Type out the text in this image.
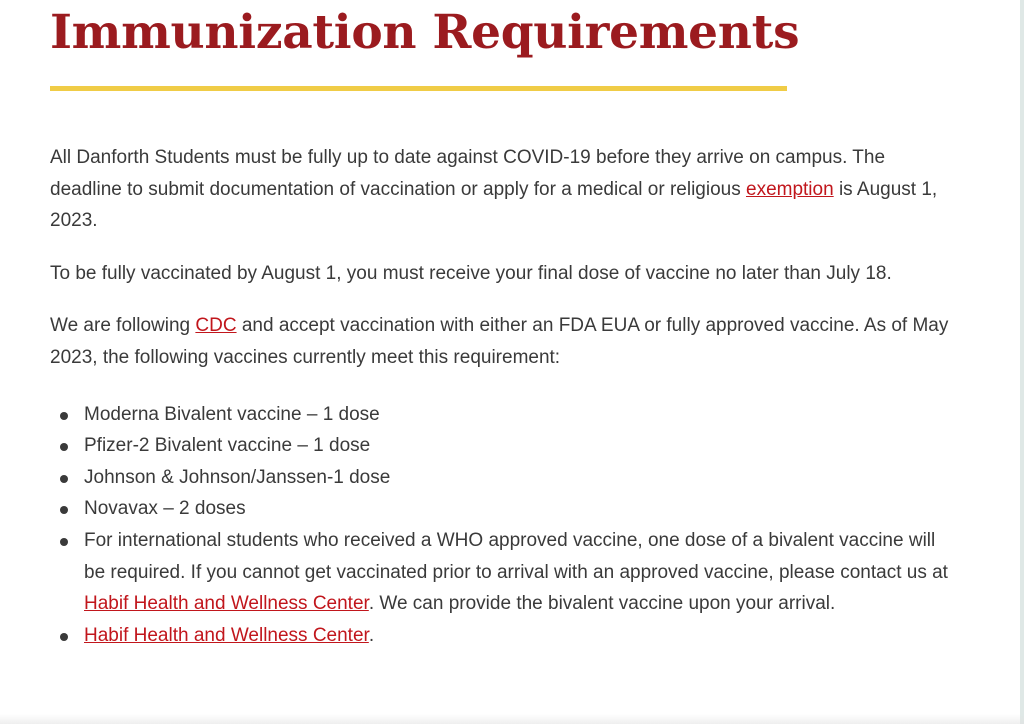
Immunization Requirements

All Danforth Students must be fully up to date against COVID-19 before they arrive on campus. The deadline to submit documentation of vaccination or apply for a medical or religious exemption is August 1, 2023.

To be fully vaccinated by August 1, you must receive your final dose of vaccine no later than July 18.

We are following CDC and accept vaccination with either an FDA EUA or fully approved vaccine. As of May 2023, the following vaccines currently meet this requirement:

Moderna Bivalent vaccine – 1 dose
Pfizer-2 Bivalent vaccine – 1 dose
Johnson & Johnson/Janssen-1 dose
Novavax – 2 doses
For international students who received a WHO approved vaccine, one dose of a bivalent vaccine will be required. If you cannot get vaccinated prior to arrival with an approved vaccine, please contact us at Habif Health and Wellness Center. We can provide the bivalent vaccine upon your arrival.
Habif Health and Wellness Center.
